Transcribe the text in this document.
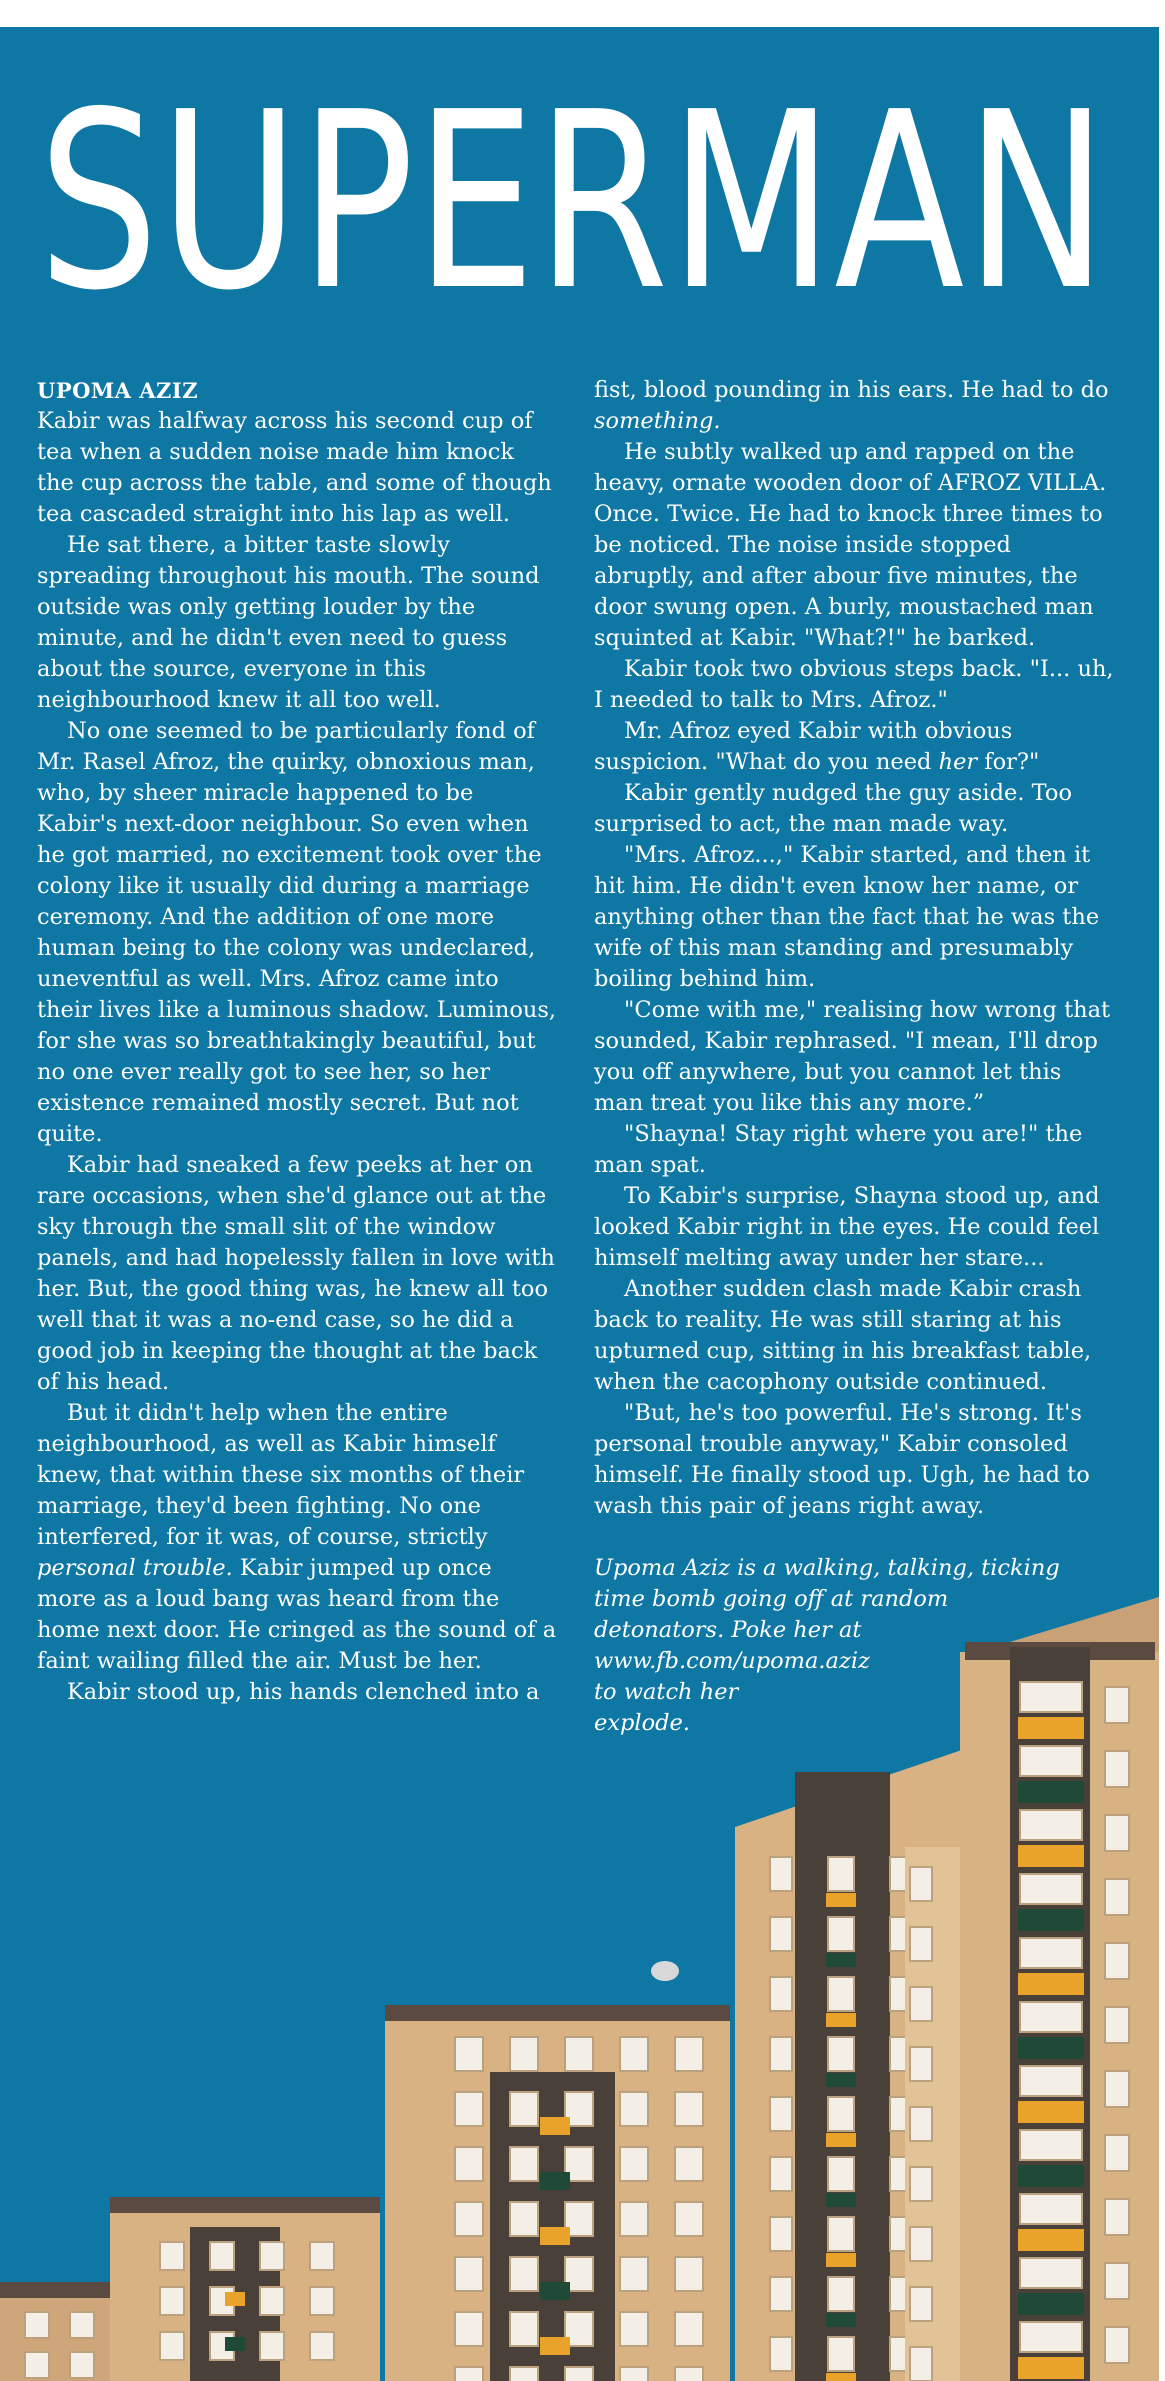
SUPERMAN

UPOMA AZIZ

Kabir was halfway across his second cup of tea when a sudden noise made him knock the cup across the table, and some of though tea cascaded straight into his lap as well.

He sat there, a bitter taste slowly spreading throughout his mouth. The sound outside was only getting louder by the minute, and he didn't even need to guess about the source, everyone in this neighbourhood knew it all too well.

No one seemed to be particularly fond of Mr. Rasel Afroz, the quirky, obnoxious man, who, by sheer miracle happened to be Kabir's next-door neighbour. So even when he got married, no excitement took over the colony like it usually did during a marriage ceremony. And the addition of one more human being to the colony was undeclared, uneventful as well. Mrs. Afroz came into their lives like a luminous shadow. Luminous, for she was so breathtakingly beautiful, but no one ever really got to see her, so her existence remained mostly secret. But not quite.

Kabir had sneaked a few peeks at her on rare occasions, when she'd glance out at the sky through the small slit of the window panels, and had hopelessly fallen in love with her. But, the good thing was, he knew all too well that it was a no-end case, so he did a good job in keeping the thought at the back of his head.

But it didn't help when the entire neighbourhood, as well as Kabir himself knew, that within these six months of their marriage, they'd been fighting. No one interfered, for it was, of course, strictly personal trouble. Kabir jumped up once more as a loud bang was heard from the home next door. He cringed as the sound of a faint wailing filled the air. Must be her.

Kabir stood up, his hands clenched into a

fist, blood pounding in his ears. He had to do something.

He subtly walked up and rapped on the heavy, ornate wooden door of AFROZ VILLA. Once. Twice. He had to knock three times to be noticed. The noise inside stopped abruptly, and after abour five minutes, the door swung open. A burly, moustached man squinted at Kabir. "What?!" he barked.

Kabir took two obvious steps back. "I... uh, I needed to talk to Mrs. Afroz."

Mr. Afroz eyed Kabir with obvious suspicion. "What do you need her for?"

Kabir gently nudged the guy aside. Too surprised to act, the man made way.

"Mrs. Afroz...," Kabir started, and then it hit him. He didn't even know her name, or anything other than the fact that he was the wife of this man standing and presumably boiling behind him.

"Come with me," realising how wrong that sounded, Kabir rephrased. "I mean, I'll drop you off anywhere, but you cannot let this man treat you like this any more.”

"Shayna! Stay right where you are!" the man spat.

To Kabir's surprise, Shayna stood up, and looked Kabir right in the eyes. He could feel himself melting away under her stare...

Another sudden clash made Kabir crash back to reality. He was still staring at his upturned cup, sitting in his breakfast table, when the cacophony outside continued.

"But, he's too powerful. He's strong. It's personal trouble anyway," Kabir consoled himself. He finally stood up. Ugh, he had to wash this pair of jeans right away.

Upoma Aziz is a walking, talking, ticking
time bomb going off at random
detonators. Poke her at
www.fb.com/upoma.aziz
to watch her
explode.
